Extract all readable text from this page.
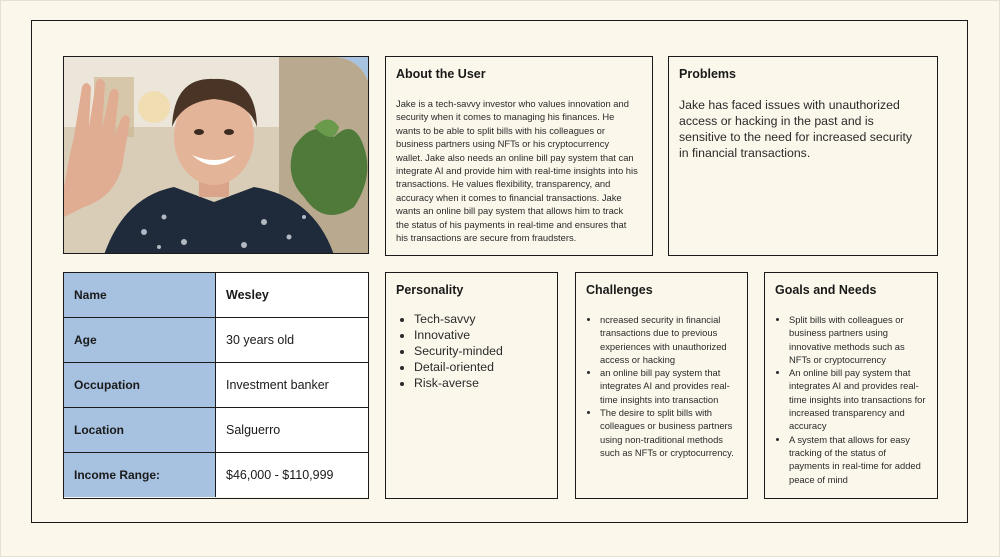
About the User

Jake is a tech-savvy investor who values innovation and security when it comes to managing his finances. He wants to be able to split bills with his colleagues or business partners using NFTs or his cryptocurrency wallet. Jake also needs an online bill pay system that can integrate AI and provide him with real-time insights into his transactions. He values flexibility, transparency, and accuracy when it comes to financial transactions. Jake wants an online bill pay system that allows him to track the status of his payments in real-time and ensures that his transactions are secure from fraudsters.

Problems

Jake has faced issues with unauthorized access or hacking in the past and is sensitive to the need for increased security in financial transactions.

Name	Wesley
Age	30 years old
Occupation	Investment banker
Location	Salguerro
Income Range:	$46,000 - $110,999
Personality
• Tech-savvy
• Innovative
• Security-minded
• Detail-oriented
• Risk-averse
Challenges
• ncreased security in financial transactions due to previous experiences with unauthorized access or hacking
• an online bill pay system that integrates AI and provides real-time insights into transaction
• The desire to split bills with colleagues or business partners using non-traditional methods such as NFTs or cryptocurrency.
Goals and Needs
• Split bills with colleagues or business partners using innovative methods such as NFTs or cryptocurrency
• An online bill pay system that integrates AI and provides real-time insights into transactions for increased transparency and accuracy
• A system that allows for easy tracking of the status of payments in real-time for added peace of mind
